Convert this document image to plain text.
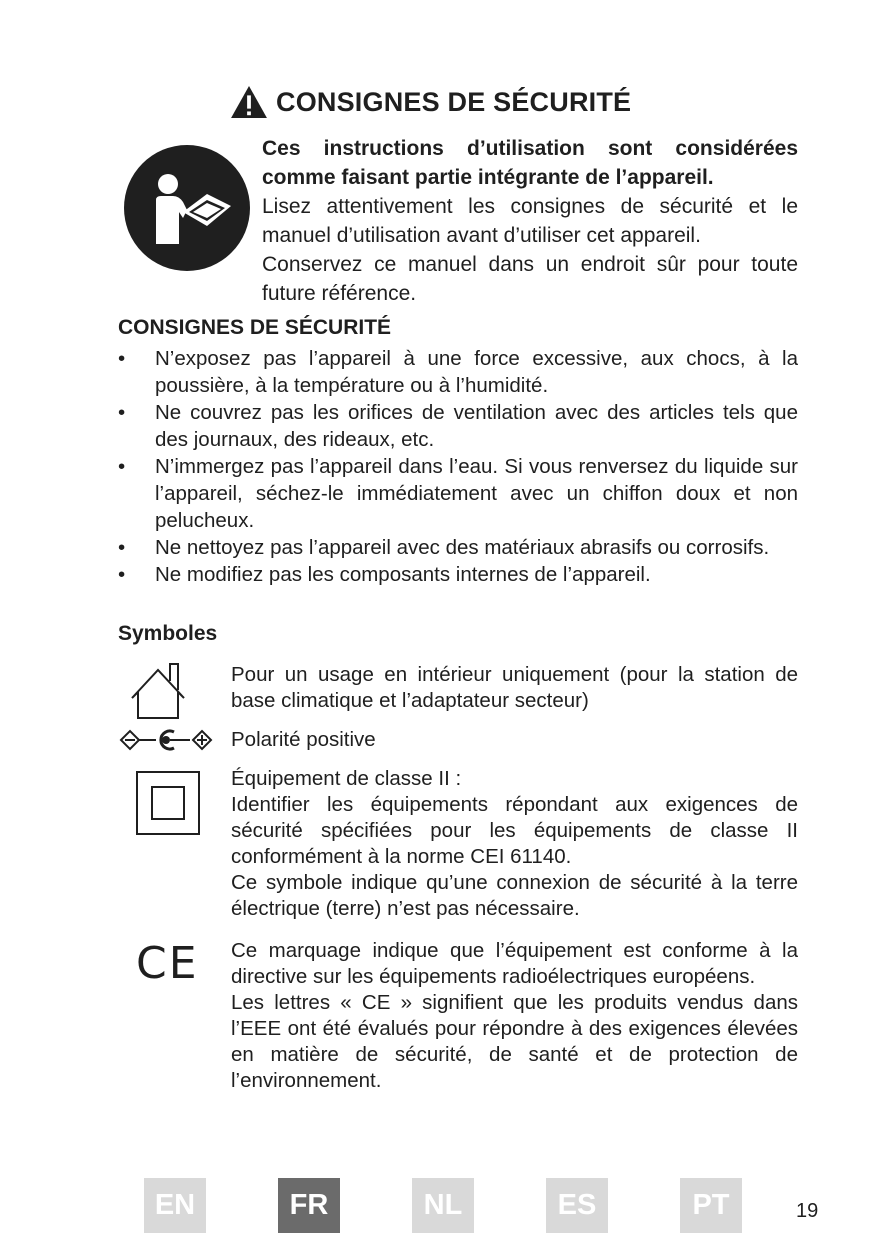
CONSIGNES DE SÉCURITÉ
Ces instructions d’utilisation sont considérées comme faisant partie intégrante de l’appareil.
Lisez attentivement les consignes de sécurité et le manuel d’utilisation avant d’utiliser cet appareil.
Conservez ce manuel dans un endroit sûr pour toute future référence.
CONSIGNES DE SÉCURITÉ
• N’exposez pas l’appareil à une force excessive, aux chocs, à la poussière, à la température ou à l’humidité.
• Ne couvrez pas les orifices de ventilation avec des articles tels que des journaux, des rideaux, etc.
• N’immergez pas l’appareil dans l’eau. Si vous renversez du liquide sur l’appareil, séchez-le immédiatement avec un chiffon doux et non pelucheux.
• Ne nettoyez pas l’appareil avec des matériaux abrasifs ou corrosifs.
• Ne modifiez pas les composants internes de l’appareil.
Symboles
Pour un usage en intérieur uniquement (pour la station de base climatique et l’adaptateur secteur)
Polarité positive
Équipement de classe II :
Identifier les équipements répondant aux exigences de sécurité spécifiées pour les équipements de classe II conformément à la norme CEI 61140.
Ce symbole indique qu’une connexion de sécurité à la terre électrique (terre) n’est pas nécessaire.
CE Ce marquage indique que l’équipement est conforme à la directive sur les équipements radioélectriques européens.
Les lettres « CE » signifient que les produits vendus dans l’EEE ont été évalués pour répondre à des exigences élevées en matière de sécurité, de santé et de protection de l’environnement.
EN	FR	NL	ES	PT	19
